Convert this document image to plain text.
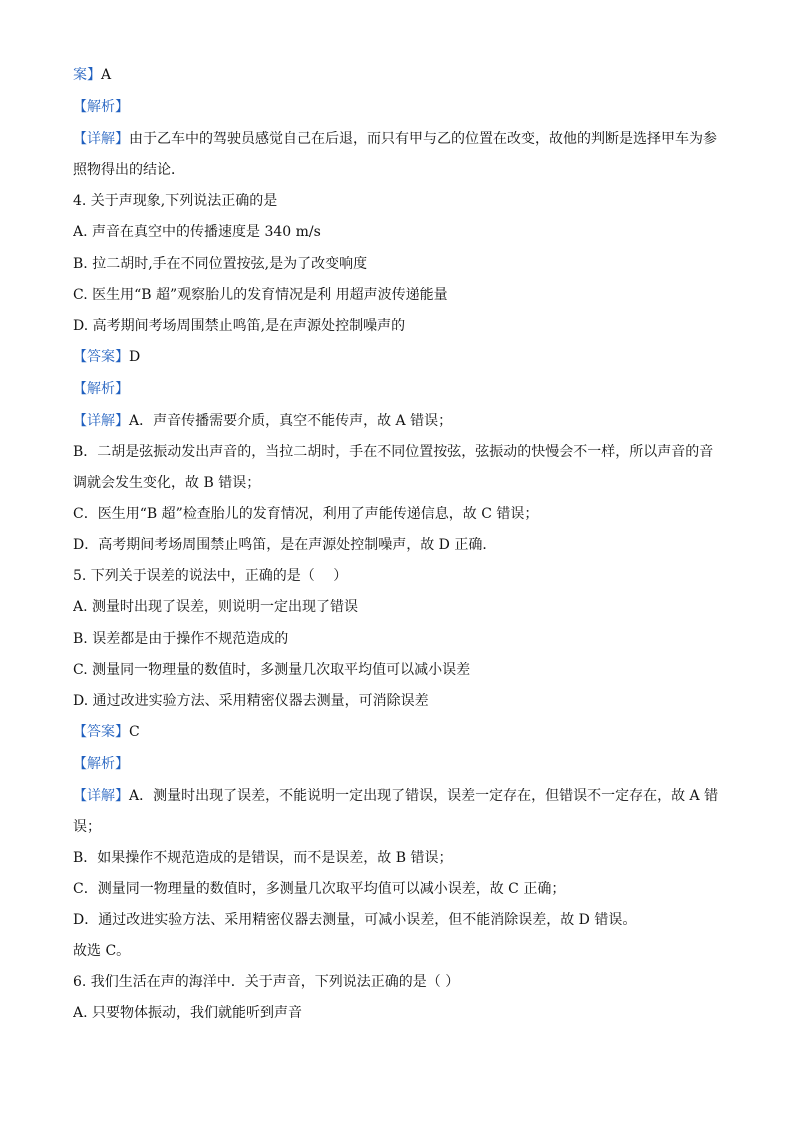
案】A
【解析】
【详解】由于乙车中的驾驶员感觉自己在后退，而只有甲与乙的位置在改变，故他的判断是选择甲车为参
照物得出的结论．
4. 关于声现象,下列说法正确的是
A. 声音在真空中的传播速度是 340 m/s
B. 拉二胡时,手在不同位置按弦,是为了改变响度
C. 医生用“B 超”观察胎儿的发育情况是利 用超声波传递能量
D. 高考期间考场周围禁止鸣笛,是在声源处控制噪声的
【答案】D
【解析】
【详解】A．声音传播需要介质，真空不能传声，故 A 错误；
B．二胡是弦振动发出声音的，当拉二胡时，手在不同位置按弦，弦振动的快慢会不一样，所以声音的音
调就会发生变化，故 B 错误；
C．医生用“B 超”检查胎儿的发育情况，利用了声能传递信息，故 C 错误；
D．高考期间考场周围禁止鸣笛，是在声源处控制噪声，故 D 正确．
5. 下列关于误差的说法中，正确的是（　 ）
A. 测量时出现了误差，则说明一定出现了错误
B. 误差都是由于操作不规范造成的
C. 测量同一物理量的数值时，多测量几次取平均值可以减小误差
D. 通过改进实验方法、采用精密仪器去测量，可消除误差
【答案】C
【解析】
【详解】A．测量时出现了误差，不能说明一定出现了错误，误差一定存在，但错误不一定存在，故 A 错
误；
B．如果操作不规范造成的是错误，而不是误差，故 B 错误；
C．测量同一物理量的数值时，多测量几次取平均值可以减小误差，故 C 正确；
D．通过改进实验方法、采用精密仪器去测量，可减小误差，但不能消除误差，故 D 错误。
故选 C。
6. 我们生活在声的海洋中．关于声音，下列说法正确的是（ ）
A. 只要物体振动，我们就能听到声音
